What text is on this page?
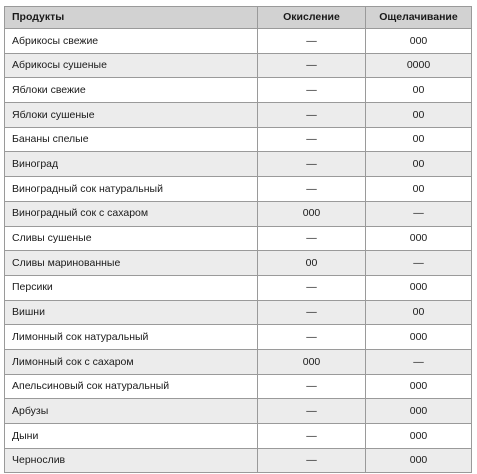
Продукты	Окисление	Ощелачивание
Абрикосы свежие	—	000
Абрикосы сушеные	—	0000
Яблоки свежие	—	00
Яблоки сушеные	—	00
Бананы спелые	—	00
Виноград	—	00
Виноградный сок натуральный	—	00
Виноградный сок с сахаром	000	—
Сливы сушеные	—	000
Сливы маринованные	00	—
Персики	—	000
Вишни	—	00
Лимонный сок натуральный	—	000
Лимонный сок с сахаром	000	—
Апельсиновый сок натуральный	—	000
Арбузы	—	000
Дыни	—	000
Чернослив	—	000
